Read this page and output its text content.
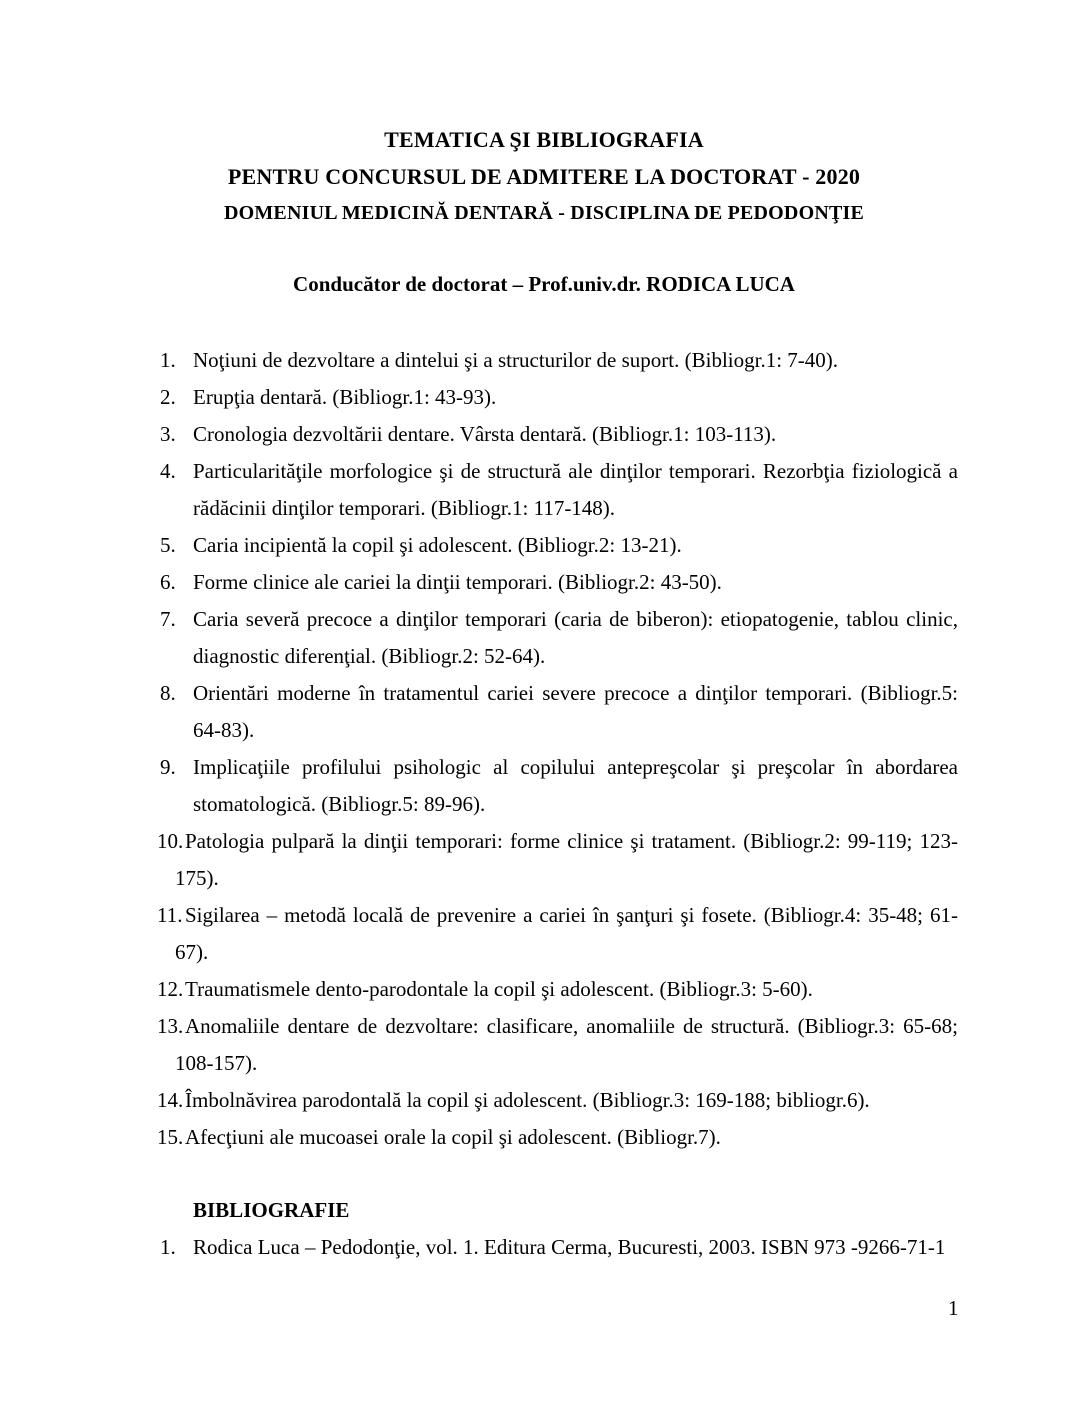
TEMATICA ŞI BIBLIOGRAFIA
PENTRU CONCURSUL DE ADMITERE LA DOCTORAT - 2020
DOMENIUL MEDICINĂ DENTARĂ - DISCIPLINA DE PEDODONŢIE
Conducător de doctorat – Prof.univ.dr. RODICA LUCA
1. Noţiuni de dezvoltare a dintelui şi a structurilor de suport. (Bibliogr.1: 7-40).
2. Erupţia dentară. (Bibliogr.1: 43-93).
3. Cronologia dezvoltării dentare. Vârsta dentară. (Bibliogr.1: 103-113).
4. Particularităţile morfologice şi de structură ale dinţilor temporari. Rezorbţia fiziologică a rădăcinii dinţilor temporari. (Bibliogr.1: 117-148).
5. Caria incipientă la copil şi adolescent. (Bibliogr.2: 13-21).
6. Forme clinice ale cariei la dinţii temporari. (Bibliogr.2: 43-50).
7. Caria severă precoce a dinţilor temporari (caria de biberon): etiopatogenie, tablou clinic, diagnostic diferenţial. (Bibliogr.2: 52-64).
8. Orientări moderne în tratamentul cariei severe precoce a dinţilor temporari. (Bibliogr.5: 64-83).
9. Implicaţiile profilului psihologic al copilului antepreşcolar şi preşcolar în abordarea stomatologică. (Bibliogr.5: 89-96).
10. Patologia pulpară la dinţii temporari: forme clinice şi tratament. (Bibliogr.2: 99-119; 123-175).
11. Sigilarea – metodă locală de prevenire a cariei în şanţuri şi fosete. (Bibliogr.4: 35-48; 61-67).
12. Traumatismele dento-parodontale la copil şi adolescent. (Bibliogr.3: 5-60).
13. Anomaliile dentare de dezvoltare: clasificare, anomaliile de structură. (Bibliogr.3: 65-68; 108-157).
14. Îmbolnăvirea parodontală la copil şi adolescent. (Bibliogr.3: 169-188; bibliogr.6).
15. Afecţiuni ale mucoasei orale la copil şi adolescent. (Bibliogr.7).
BIBLIOGRAFIE
1. Rodica Luca – Pedodonţie, vol. 1. Editura Cerma, Bucuresti, 2003. ISBN 973 -9266-71-1
1
